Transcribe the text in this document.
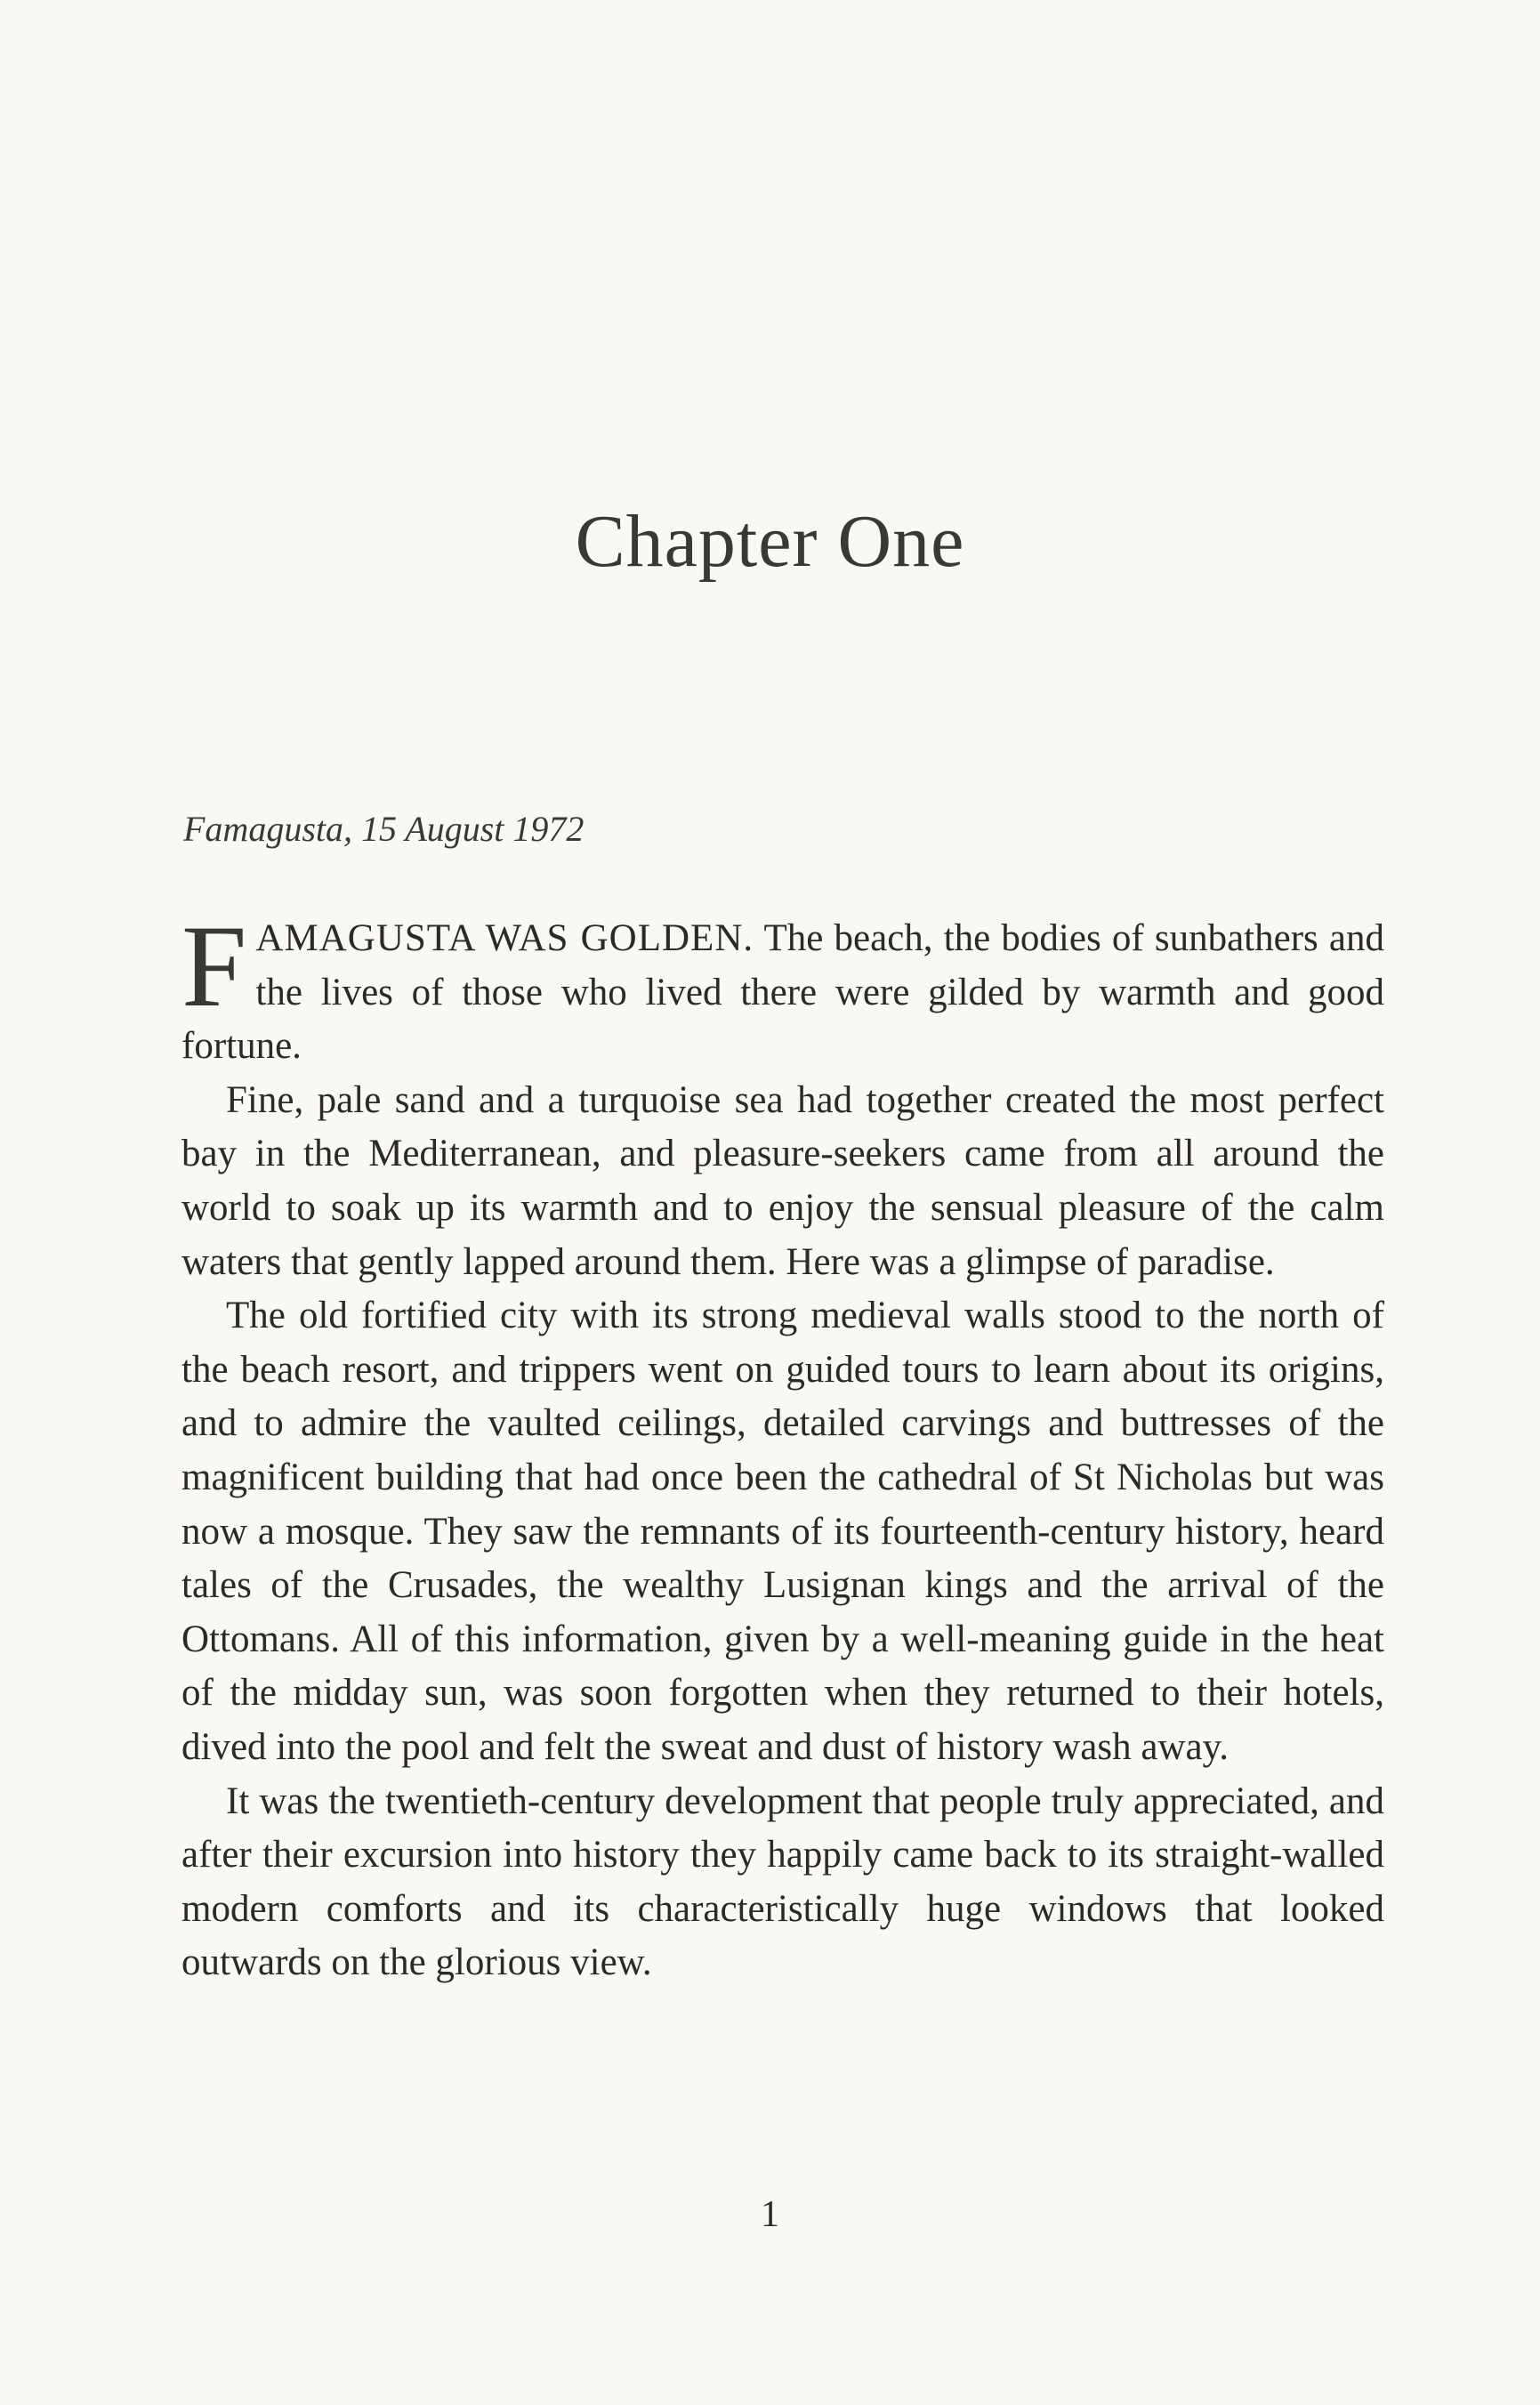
Chapter One
Famagusta, 15 August 1972

FAMAGUSTA WAS GOLDEN. The beach, the bodies of sunbathers and the lives of those who lived there were gilded by warmth and good fortune.

Fine, pale sand and a turquoise sea had together created the most perfect bay in the Mediterranean, and pleasure-seekers came from all around the world to soak up its warmth and to enjoy the sensual pleasure of the calm waters that gently lapped around them. Here was a glimpse of paradise.

The old fortified city with its strong medieval walls stood to the north of the beach resort, and trippers went on guided tours to learn about its origins, and to admire the vaulted ceilings, detailed carvings and buttresses of the magnificent building that had once been the cathedral of St Nicholas but was now a mosque. They saw the remnants of its fourteenth-century history, heard tales of the Crusades, the wealthy Lusignan kings and the arrival of the Ottomans. All of this information, given by a well-meaning guide in the heat of the midday sun, was soon forgotten when they returned to their hotels, dived into the pool and felt the sweat and dust of history wash away.

It was the twentieth-century development that people truly appreciated, and after their excursion into history they happily came back to its straight-walled modern comforts and its characteristically huge windows that looked outwards on the glorious view.

1
